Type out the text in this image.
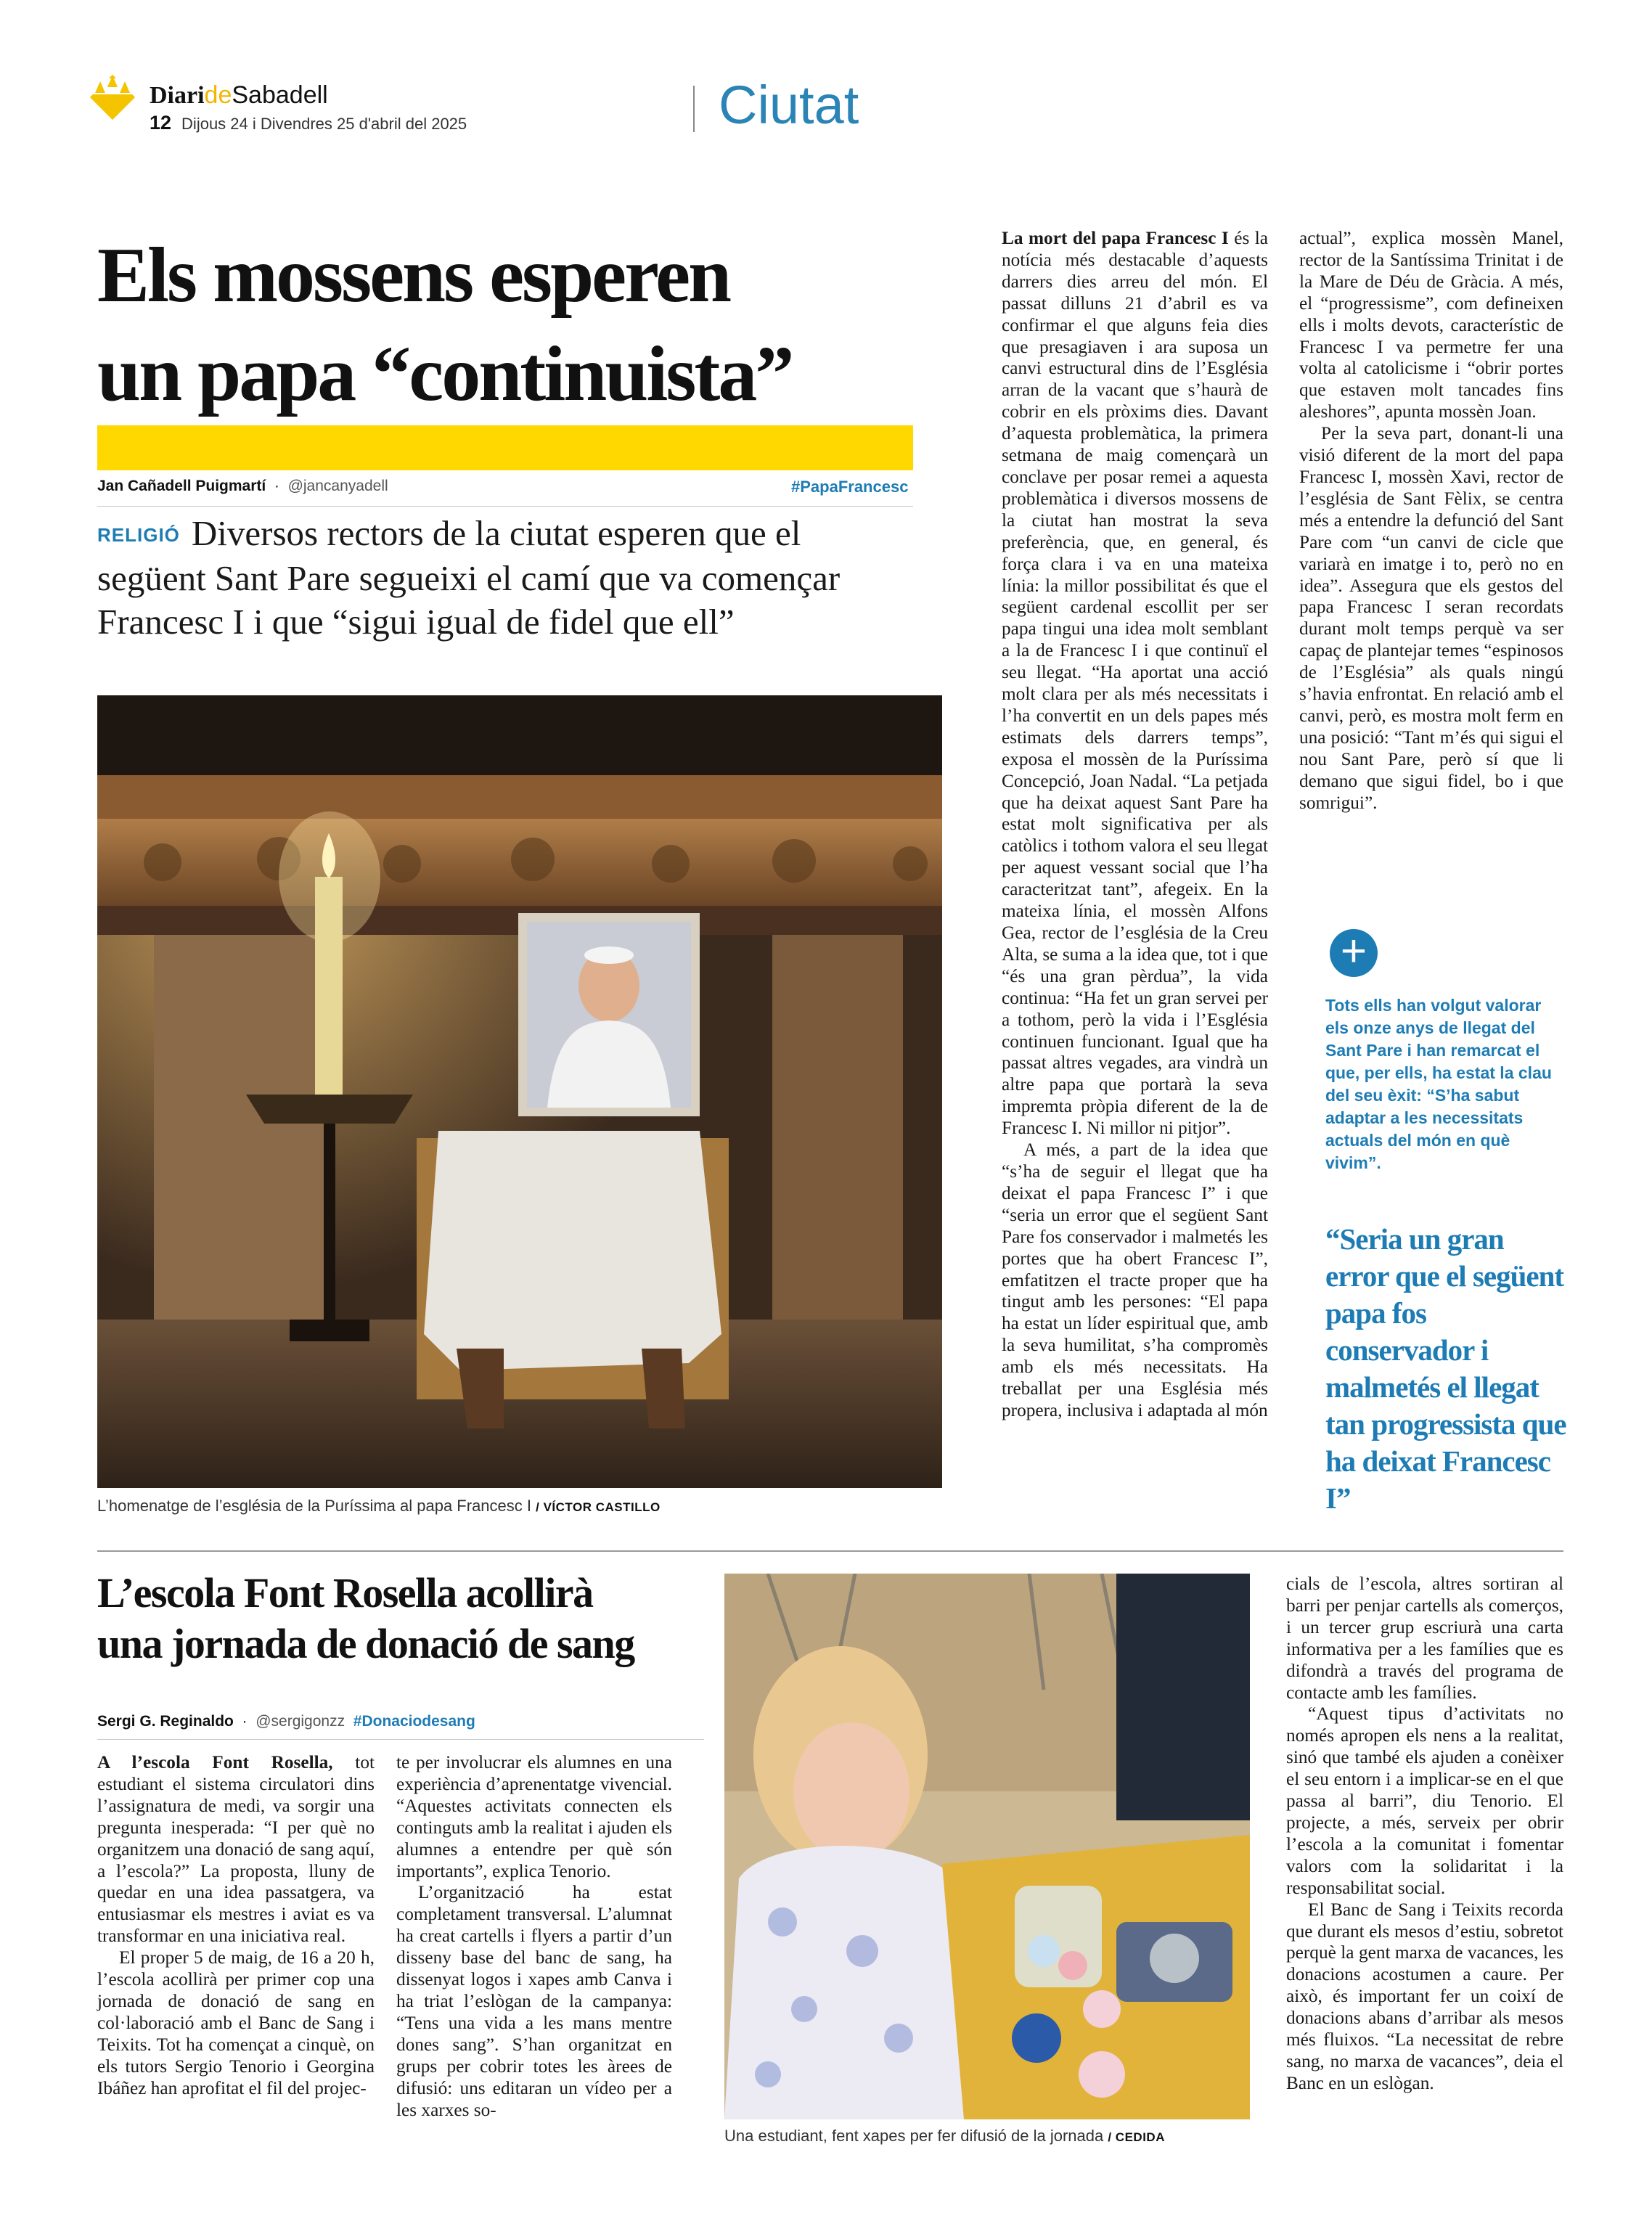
DiarideSabadell
12 Dijous 24 i Divendres 25 d'abril del 2025	Ciutat
Els mossens esperen
un papa “continuista”
Jan Cañadell Puigmartí  ·  @jancanyadell	#PapaFrancesc
RELIGIÓ Diversos rectors de la ciutat esperen que el següent Sant Pare segueixi el camí que va començar Francesc I i que “sigui igual de fidel que ell”
L’homenatge de l’església de la Puríssima al papa Francesc I / VÍCTOR CASTILLO

La mort del papa Francesc I és la notícia més destacable d’aquests darrers dies arreu del món. El passat dilluns 21 d’abril es va confirmar el que alguns feia dies que presagiaven i ara suposa un canvi estructural dins de l’Església arran de la vacant que s’haurà de cobrir en els pròxims dies. Davant d’aquesta problemàtica, la primera setmana de maig començarà un conclave per posar remei a aquesta problemàtica i diversos mossens de la ciutat han mostrat la seva preferència, que, en general, és força clara i va en una mateixa línia: la millor possibilitat és que el següent cardenal escollit per ser papa tingui una idea molt semblant a la de Francesc I i que continuï el seu llegat. “Ha aportat una acció molt clara per als més necessitats i l’ha convertit en un dels papes més estimats dels darrers temps”, exposa el mossèn de la Puríssima Concepció, Joan Nadal. “La petjada que ha deixat aquest Sant Pare ha estat molt significativa per als catòlics i tothom valora el seu llegat per aquest vessant social que l’ha caracteritzat tant”, afegeix. En la mateixa línia, el mossèn Alfons Gea, rector de l’església de la Creu Alta, se suma a la idea que, tot i que “és una gran pèrdua”, la vida continua: “Ha fet un gran servei per a tothom, però la vida i l’Església continuen funcionant. Igual que ha passat altres vegades, ara vindrà un altre papa que portarà la seva impremta pròpia diferent de la de Francesc I. Ni millor ni pitjor”.

A més, a part de la idea que “s’ha de seguir el llegat que ha deixat el papa Francesc I” i que “seria un error que el següent Sant Pare fos conservador i malmetés les portes que ha obert Francesc I”, emfatitzen el tracte proper que ha tingut amb les persones: “El papa ha estat un líder espiritual que, amb la seva humilitat, s’ha compromès amb els més necessitats. Ha treballat per una Església més propera, inclusiva i adaptada al món

actual”, explica mossèn Manel, rector de la Santíssima Trinitat i de la Mare de Déu de Gràcia. A més, el “progressisme”, com defineixen ells i molts devots, característic de Francesc I va permetre fer una volta al catolicisme i “obrir portes que estaven molt tancades fins aleshores”, apunta mossèn Joan.

Per la seva part, donant-li una visió diferent de la mort del papa Francesc I, mossèn Xavi, rector de l’església de Sant Fèlix, se centra més a entendre la defunció del Sant Pare com “un canvi de cicle que variarà en imatge i to, però no en idea”. Assegura que els gestos del papa Francesc I seran recordats durant molt temps perquè va ser capaç de plantejar temes “espinosos de l’Església” als quals ningú s’havia enfrontat. En relació amb el canvi, però, es mostra molt ferm en una posició: “Tant m’és qui sigui el nou Sant Pare, però sí que li demano que sigui fidel, bo i que somrigui”.

+
Tots ells han volgut valorar els onze anys de llegat del Sant Pare i han remarcat el que, per ells, ha estat la clau del seu èxit: “S’ha sabut adaptar a les necessitats actuals del món en què vivim”.
“Seria un gran error que el següent papa fos conservador i malmetés el llegat tan progressista que ha deixat Francesc I”
L’escola Font Rosella acollirà
una jornada de donació de sang
Sergi G. Reginaldo  ·  @sergigonzz #Donaciodesang

A l’escola Font Rosella, tot estudiant el sistema circulatori dins l’assignatura de medi, va sorgir una pregunta inesperada: “I per què no organitzem una donació de sang aquí, a l’escola?” La proposta, lluny de quedar en una idea passatgera, va entusiasmar els mestres i aviat es va transformar en una iniciativa real.

El proper 5 de maig, de 16 a 20 h, l’escola acollirà per primer cop una jornada de donació de sang en col·laboració amb el Banc de Sang i Teixits. Tot ha començat a cinquè, on els tutors Sergio Tenorio i Georgina Ibáñez han aprofitat el fil del projec-

te per involucrar els alumnes en una experiència d’aprenentatge vivencial. “Aquestes activitats connecten els continguts amb la realitat i ajuden els alumnes a entendre per què són importants”, explica Tenorio.

L’organització ha estat completament transversal. L’alumnat ha creat cartells i flyers a partir d’un disseny base del banc de sang, ha dissenyat logos i xapes amb Canva i ha triat l’eslògan de la campanya: “Tens una vida a les mans mentre dones sang”. S’han organitzat en grups per cobrir totes les àrees de difusió: uns editaran un vídeo per a les xarxes so-

Una estudiant, fent xapes per fer difusió de la jornada / CEDIDA

cials de l’escola, altres sortiran al barri per penjar cartells als comerços, i un tercer grup escriurà una carta informativa per a les famílies que es difondrà a través del programa de contacte amb les famílies.

“Aquest tipus d’activitats no només apropen els nens a la realitat, sinó que també els ajuden a conèixer el seu entorn i a implicar-se en el que passa al barri”, diu Tenorio. El projecte, a més, serveix per obrir l’escola a la comunitat i fomentar valors com la solidaritat i la responsabilitat social.

El Banc de Sang i Teixits recorda que durant els mesos d’estiu, sobretot perquè la gent marxa de vacances, les donacions acostumen a caure. Per això, és important fer un coixí de donacions abans d’arribar als mesos més fluixos. “La necessitat de rebre sang, no marxa de vacances”, deia el Banc en un eslògan.
